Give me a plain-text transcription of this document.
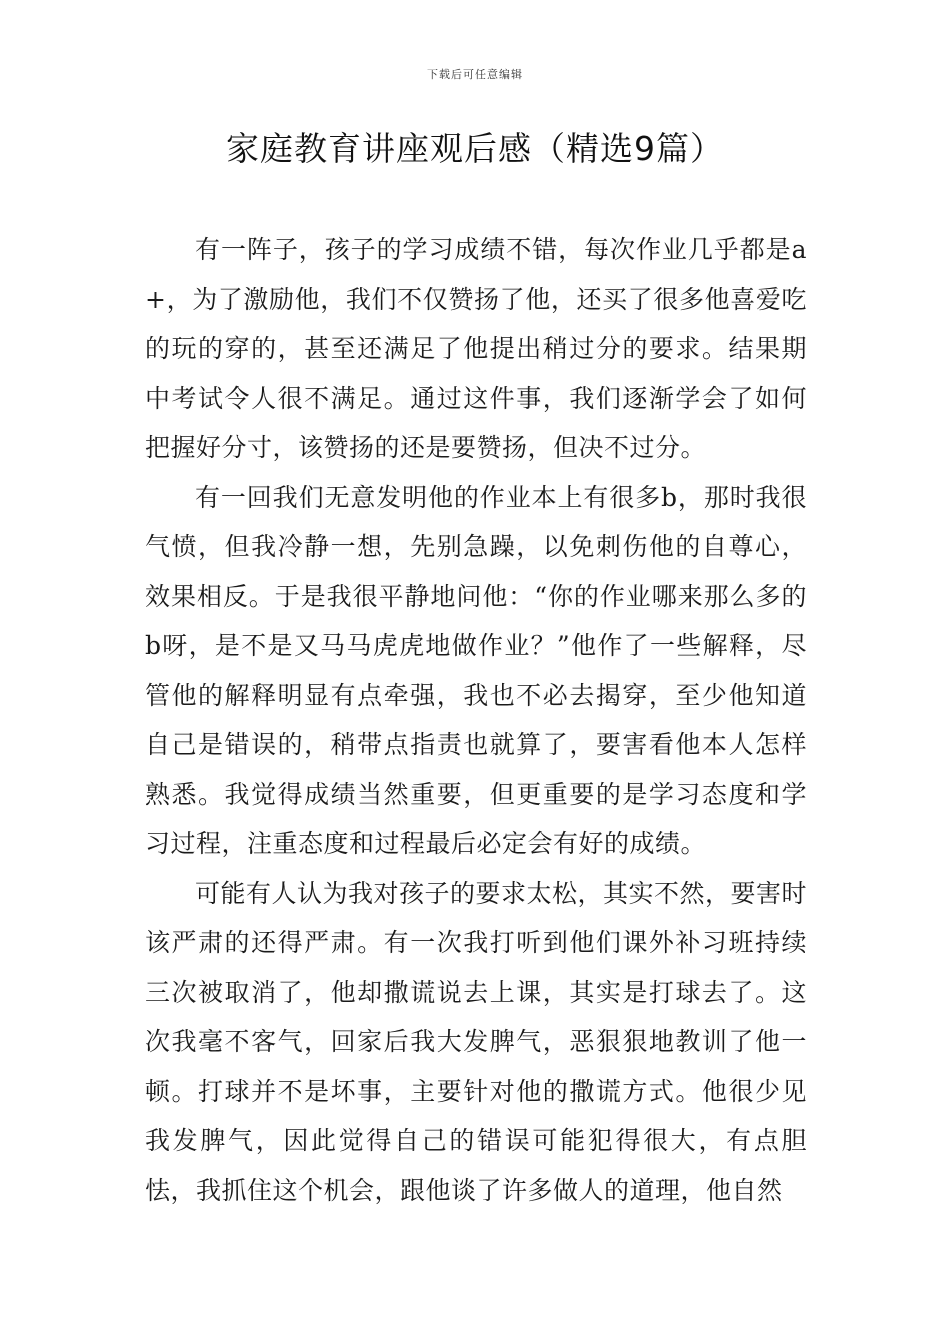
下载后可任意编辑
家庭教育讲座观后感（精选9篇）

有一阵子，孩子的学习成绩不错，每次作业几乎都是a+，为了激励他，我们不仅赞扬了他，还买了很多他喜爱吃的玩的穿的，甚至还满足了他提出稍过分的要求。结果期中考试令人很不满足。通过这件事，我们逐渐学会了如何把握好分寸，该赞扬的还是要赞扬，但决不过分。

有一回我们无意发明他的作业本上有很多b，那时我很气愤，但我冷静一想，先别急躁，以免刺伤他的自尊心，效果相反。于是我很平静地问他：“你的作业哪来那么多的b呀，是不是又马马虎虎地做作业？”他作了一些解释，尽管他的解释明显有点牵强，我也不必去揭穿，至少他知道自己是错误的，稍带点指责也就算了，要害看他本人怎样熟悉。我觉得成绩当然重要，但更重要的是学习态度和学习过程，注重态度和过程最后必定会有好的成绩。

可能有人认为我对孩子的要求太松，其实不然，要害时该严肃的还得严肃。有一次我打听到他们课外补习班持续三次被取消了，他却撒谎说去上课，其实是打球去了。这次我毫不客气，回家后我大发脾气，恶狠狠地教训了他一顿。打球并不是坏事，主要针对他的撒谎方式。他很少见我发脾气，因此觉得自己的错误可能犯得很大，有点胆怯，我抓住这个机会，跟他谈了许多做人的道理，他自然
